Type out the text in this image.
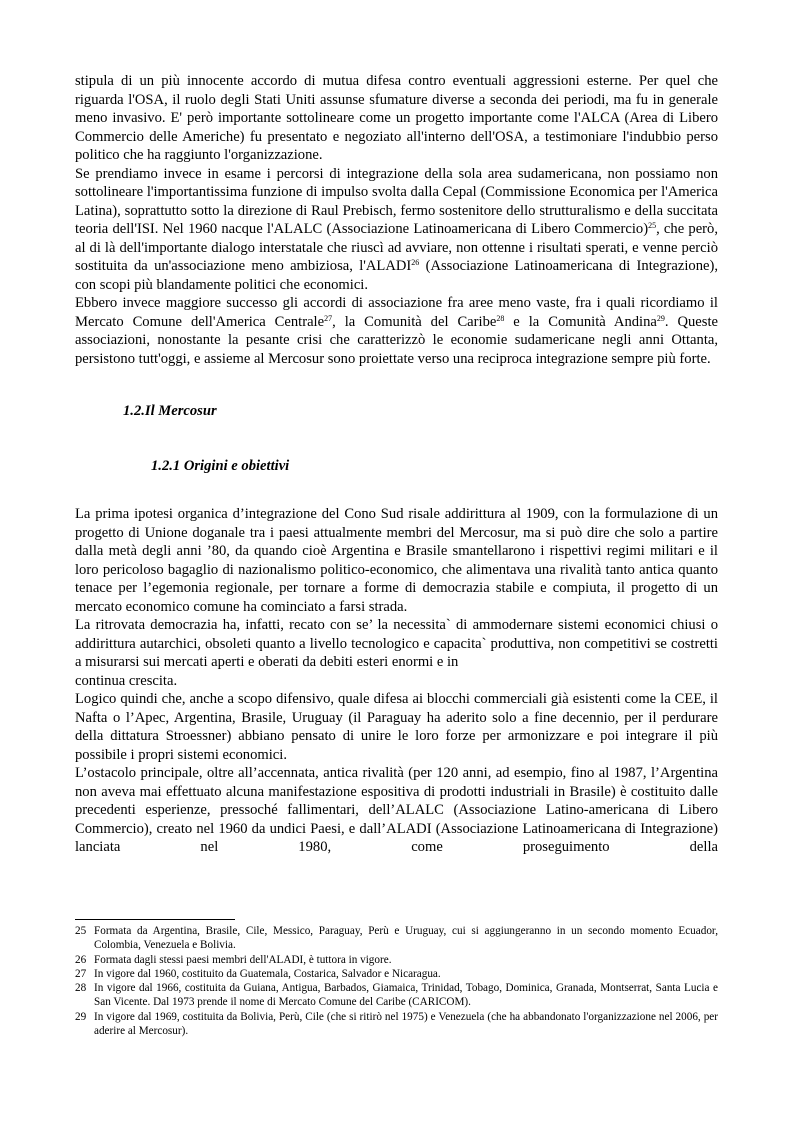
stipula di un più innocente accordo di mutua difesa contro eventuali aggressioni esterne. Per quel che riguarda l'OSA, il ruolo degli Stati Uniti assunse sfumature diverse a seconda dei periodi, ma fu in generale meno invasivo. E' però importante sottolineare come un progetto importante come l'ALCA (Area di Libero Commercio delle Americhe) fu presentato e negoziato all'interno dell'OSA, a testimoniare l'indubbio perso politico che ha raggiunto l'organizzazione.

Se prendiamo invece in esame i percorsi di integrazione della sola area sudamericana, non possiamo non sottolineare l'importantissima funzione di impulso svolta dalla Cepal (Commissione Economica per l'America Latina), soprattutto sotto la direzione di Raul Prebisch, fermo sostenitore dello strutturalismo e della succitata teoria dell'ISI. Nel 1960 nacque l'ALALC (Associazione Latinoamericana di Libero Commercio)$^{25}$, che però, al di là dell'importante dialogo interstatale che riuscì ad avviare, non ottenne i risultati sperati, e venne perciò sostituita da un'associazione meno ambiziosa, l'ALADI$^{26}$ (Associazione Latinoamericana di Integrazione), con scopi più blandamente politici che economici.

Ebbero invece maggiore successo gli accordi di associazione fra aree meno vaste, fra i quali ricordiamo il Mercato Comune dell'America Centrale$^{27}$, la Comunità del Caribe$^{28}$ e la Comunità Andina$^{29}$. Queste associazioni, nonostante la pesante crisi che caratterizzò le economie sudamericane negli anni Ottanta, persistono tutt'oggi, e assieme al Mercosur sono proiettate verso una reciproca integrazione sempre più forte.

1.2.Il Mercosur
1.2.1 Origini e obiettivi

La prima ipotesi organica d’integrazione del Cono Sud risale addirittura al 1909, con la formulazione di un progetto di Unione doganale tra i paesi attualmente membri del Mercosur, ma si può dire che solo a partire dalla metà degli anni ’80, da quando cioè Argentina e Brasile smantellarono i rispettivi regimi militari e il loro pericoloso bagaglio di nazionalismo politico-economico, che alimentava una rivalità tanto antica quanto tenace per l’egemonia regionale, per tornare a forme di democrazia stabile e compiuta, il progetto di un mercato economico comune ha cominciato a farsi strada.

La ritrovata democrazia ha, infatti, recato con se’ la necessita` di ammodernare sistemi economici chiusi o addirittura autarchici, obsoleti quanto a livello tecnologico e capacita` produttiva, non competitivi se costretti a misurarsi sui mercati aperti e oberati da debiti esteri enormi e in

continua crescita.

Logico quindi che, anche a scopo difensivo, quale difesa ai blocchi commerciali già esistenti come la CEE, il Nafta o l’Apec, Argentina, Brasile, Uruguay (il Paraguay ha aderito solo a fine decennio, per il perdurare della dittatura Stroessner) abbiano pensato di unire le loro forze per armonizzare e poi integrare il più possibile i propri sistemi economici.

L’ostacolo principale, oltre all’accennata, antica rivalità (per 120 anni, ad esempio, fino al 1987, l’Argentina non aveva mai effettuato alcuna manifestazione espositiva di prodotti industriali in Brasile) è costituito dalle precedenti esperienze, pressoché fallimentari, dell’ALALC (Associazione Latino-americana di Libero Commercio), creato nel 1960 da undici Paesi, e dall’ALADI (Associazione Latinoamericana di Integrazione) lanciata nel 1980, come proseguimento della

25 Formata da Argentina, Brasile, Cile, Messico, Paraguay, Perù e Uruguay, cui si aggiungeranno in un secondo momento Ecuador, Colombia, Venezuela e Bolivia.
26 Formata dagli stessi paesi membri dell'ALADI, è tuttora in vigore.
27 In vigore dal 1960, costituito da Guatemala, Costarica, Salvador e Nicaragua.
28 In vigore dal 1966, costituita da Guiana, Antigua, Barbados, Giamaica, Trinidad, Tobago, Dominica, Granada, Montserrat, Santa Lucia e San Vicente. Dal 1973 prende il nome di Mercato Comune del Caribe (CARICOM).
29 In vigore dal 1969, costituita da Bolivia, Perù, Cile (che si ritirò nel 1975) e Venezuela (che ha abbandonato l'organizzazione nel 2006, per aderire al Mercosur).
